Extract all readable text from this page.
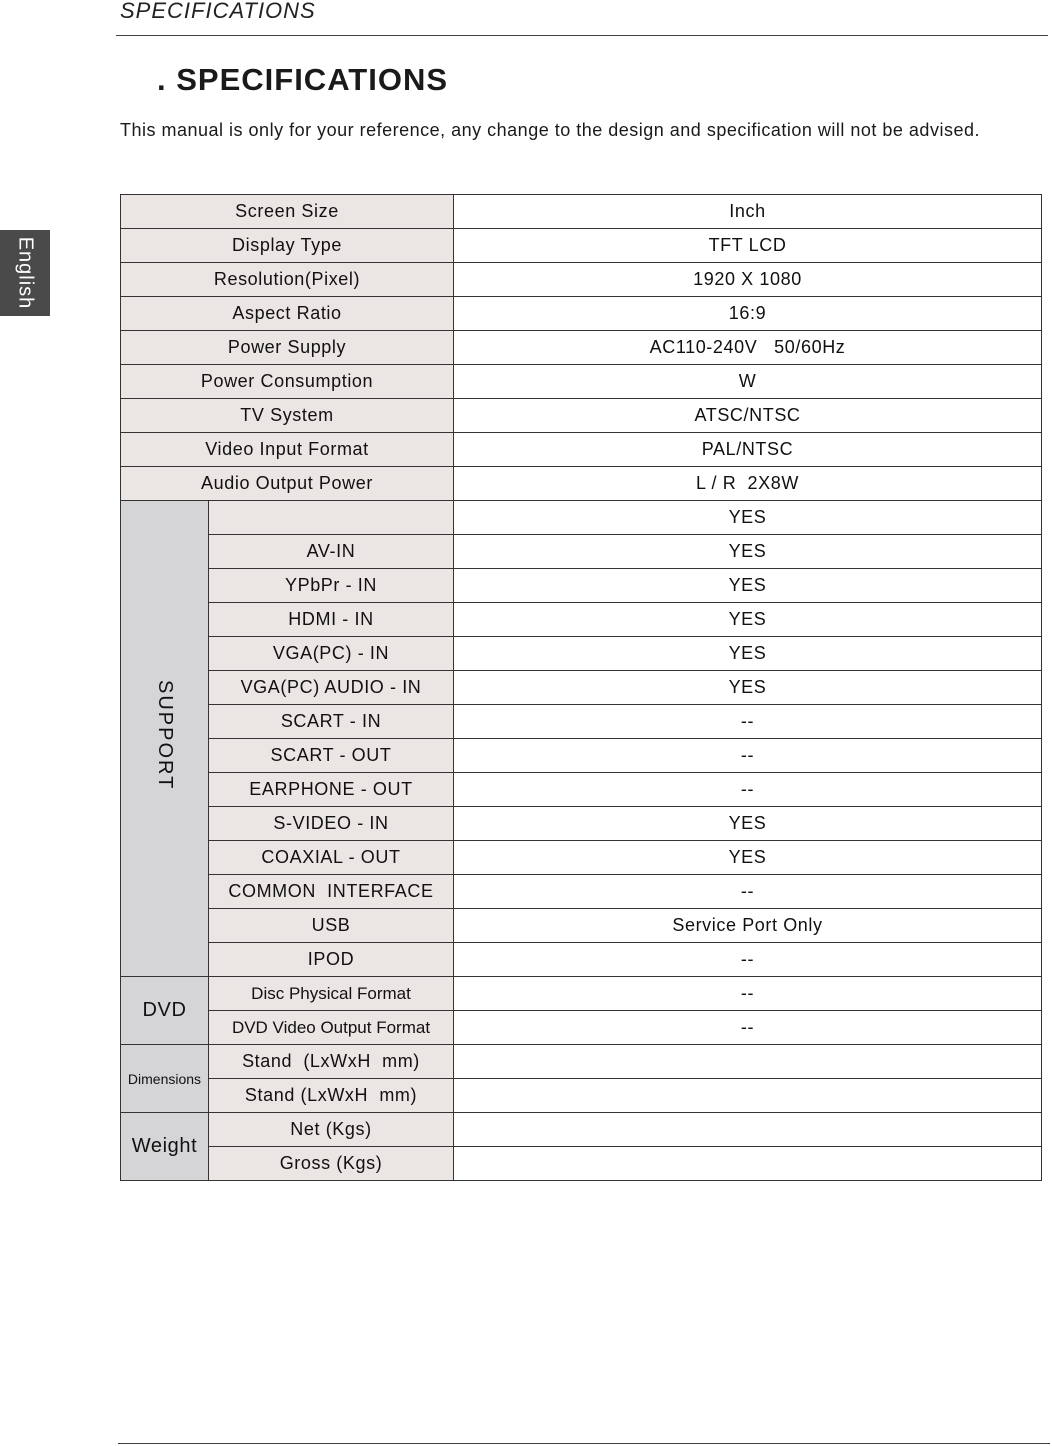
SPECIFICATIONS
English
. SPECIFICATIONS
This manual is only for your reference, any change to the design and specification will not be advised.
Screen Size		Inch
Display Type		TFT LCD
Resolution(Pixel)		1920 X 1080
Aspect Ratio		16:9
Power Supply		AC110-240V   50/60Hz
Power Consumption		W
TV System		ATSC/NTSC
Video Input Format		PAL/NTSC
Audio Output Power		L / R  2X8W
SUPPORT		YES
	AV-IN	YES
	YPbPr - IN	YES
	HDMI - IN	YES
	VGA(PC) - IN	YES
	VGA(PC) AUDIO - IN	YES
	SCART - IN	--
	SCART - OUT	--
	EARPHONE - OUT	--
	S-VIDEO - IN	YES
	COAXIAL - OUT	YES
	COMMON  INTERFACE	--
	USB	Service Port Only
	IPOD	--
DVD	Disc Physical Format	--
	DVD Video Output Format	--
Dimensions	Stand  (LxWxH  mm)	
	Stand (LxWxH  mm)	
Weight	Net (Kgs)	
	Gross (Kgs)	
